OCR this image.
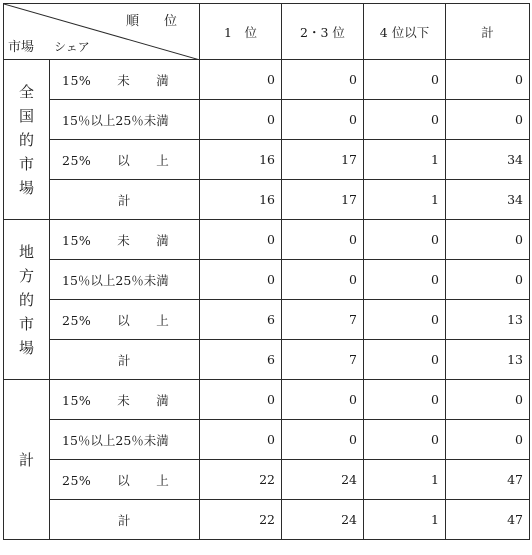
順　位
市場 シェア		1　位	2・3 位	4 位以下	計
全国的市場	15%　　未　　満	0	0	0	0
	15％以上25％未満	0	0	0	0
	25%　　以　　上	16	17	1	34
	計	16	17	1	34
地方的市場	15%　　未　　満	0	0	0	0
	15％以上25％未満	0	0	0	0
	25%　　以　　上	6	7	0	13
	計	6	7	0	13
計	15%　　未　　満	0	0	0	0
	15％以上25％未満	0	0	0	0
	25%　　以　　上	22	24	1	47
	計	22	24	1	47
